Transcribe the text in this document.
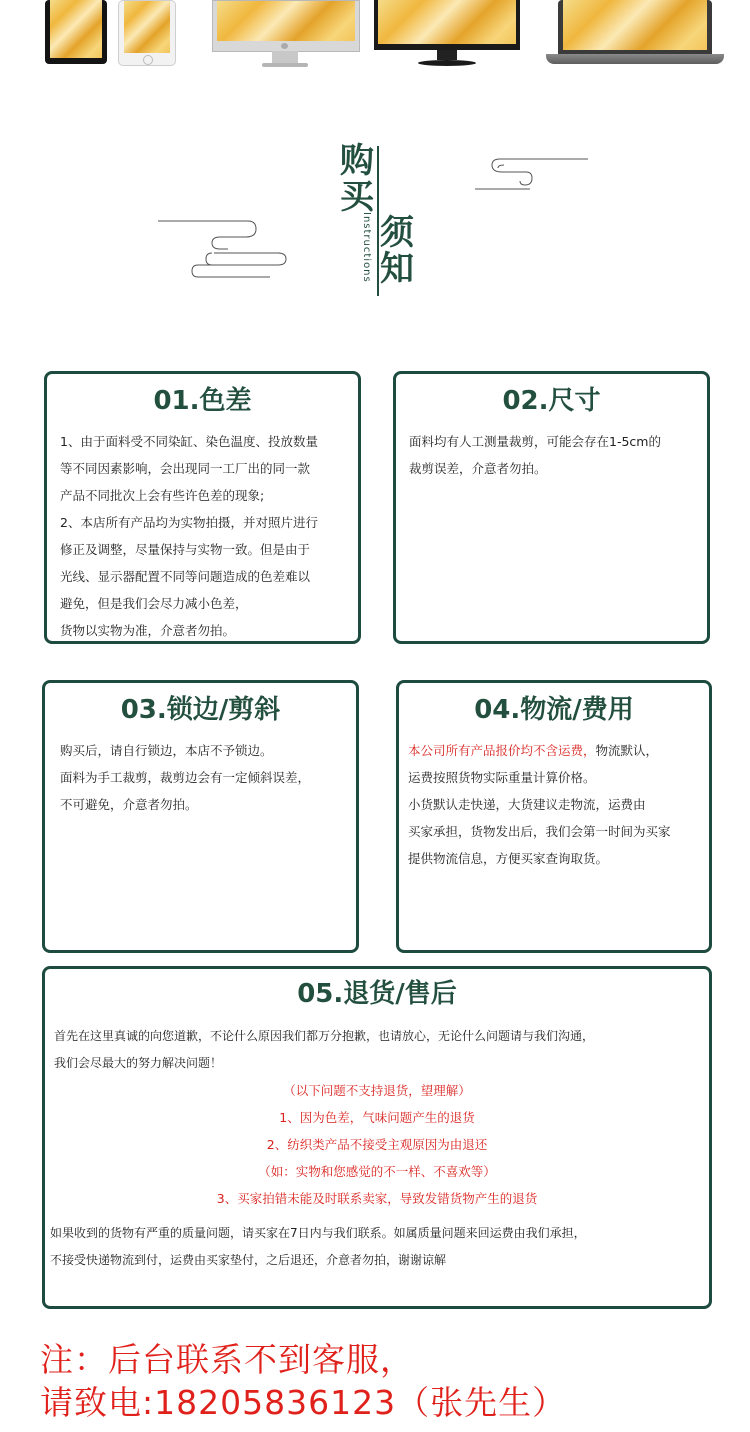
购
买
Instructions 须
知
01.色差

1、由于面料受不同染缸、染色温度、投放数量

等不同因素影响，会出现同一工厂出的同一款

产品不同批次上会有些许色差的现象;

2、本店所有产品均为实物拍摄，并对照片进行

修正及调整，尽量保持与实物一致。但是由于

光线、显示器配置不同等问题造成的色差难以

避免，但是我们会尽力减小色差，

货物以实物为准，介意者勿拍。

02.尺寸

面料均有人工测量裁剪，可能会存在1-5cm的

裁剪误差，介意者勿拍。

03.锁边/剪斜

购买后，请自行锁边，本店不予锁边。

面料为手工裁剪，裁剪边会有一定倾斜误差，

不可避免，介意者勿拍。

04.物流/费用

本公司所有产品报价均不含运费，物流默认，

运费按照货物实际重量计算价格。

小货默认走快递，大货建议走物流，运费由

买家承担，货物发出后，我们会第一时间为买家

提供物流信息，方便买家查询取货。

05.退货/售后

首先在这里真诚的向您道歉，不论什么原因我们都万分抱歉，也请放心，无论什么问题请与我们沟通，

我们会尽最大的努力解决问题！

（以下问题不支持退货，望理解）

1、因为色差，气味问题产生的退货

2、纺织类产品不接受主观原因为由退还

（如：实物和您感觉的不一样、不喜欢等）

3、买家拍错未能及时联系卖家，导致发错货物产生的退货

如果收到的货物有严重的质量问题，请买家在7日内与我们联系。如属质量问题来回运费由我们承担，

不接受快递物流到付，运费由买家垫付，之后退还，介意者勿拍，谢谢谅解

注：后台联系不到客服，
请致电:18205836123（张先生）
